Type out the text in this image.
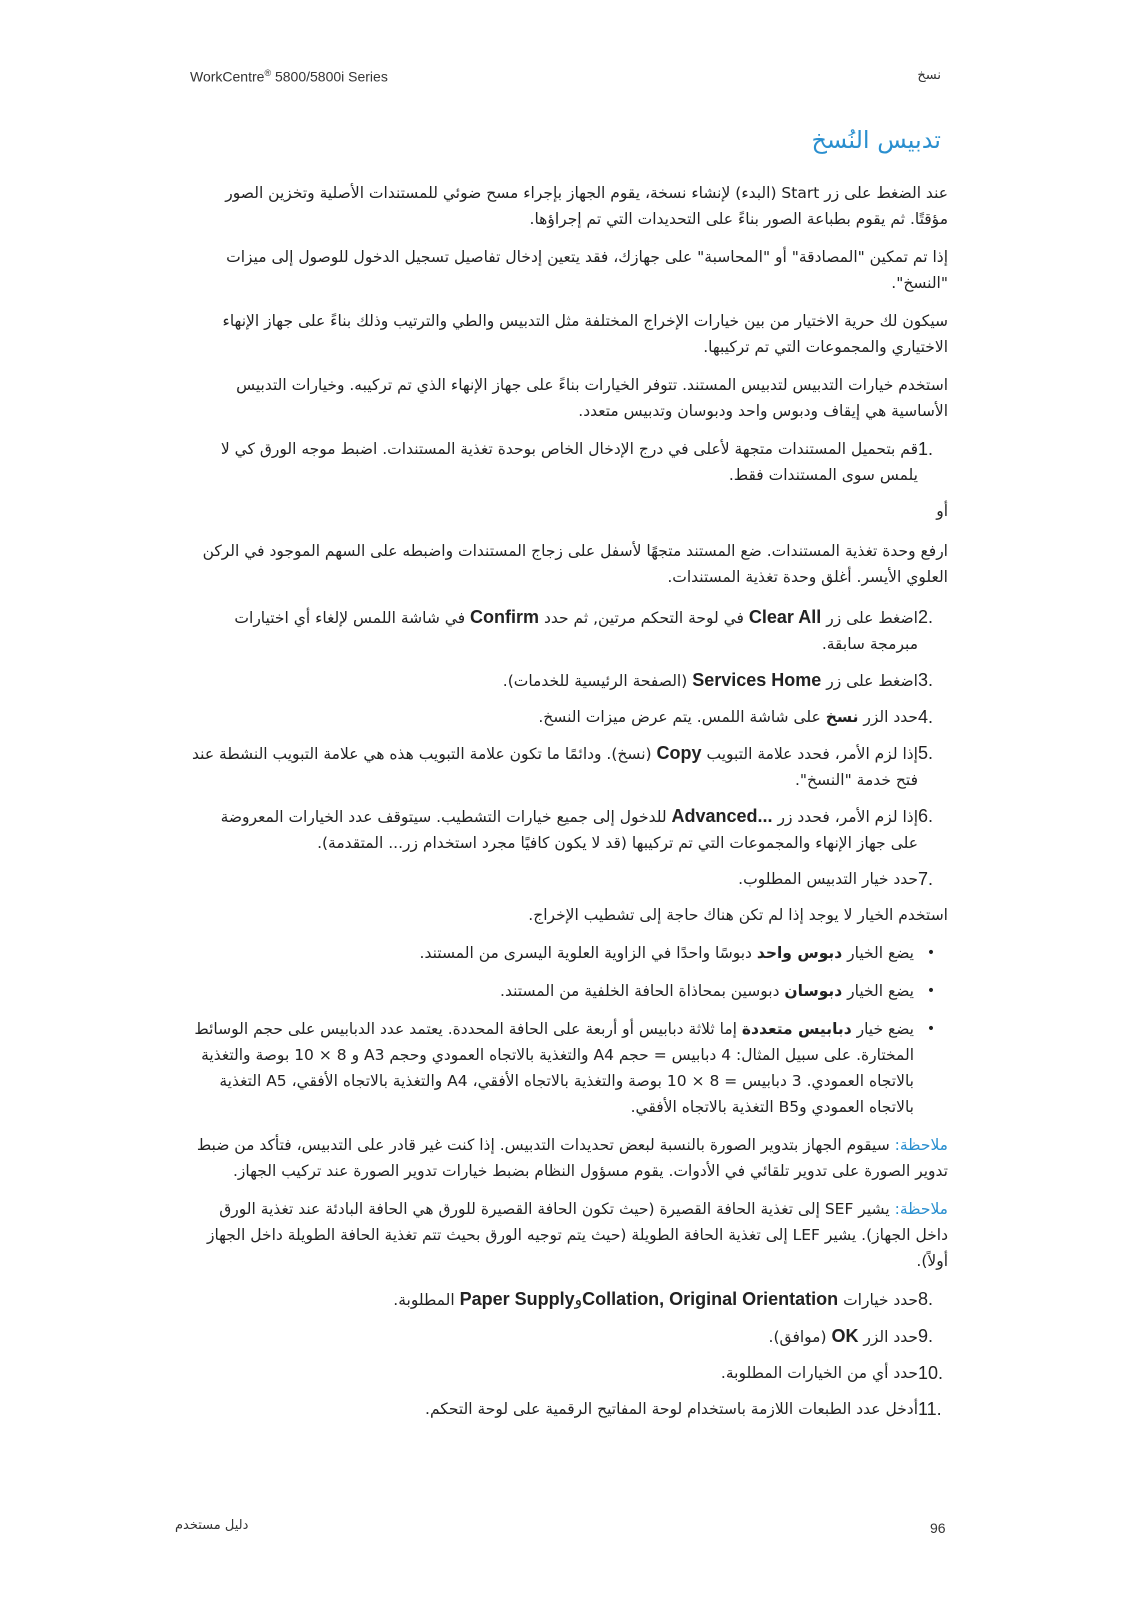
WorkCentre® 5800/5800i Series	نسخ
تدبيس النُسخ

عند الضغط على زر Start (البدء) لإنشاء نسخة، يقوم الجهاز بإجراء مسح ضوئي للمستندات الأصلية وتخزين الصور مؤقتًا. ثم يقوم بطباعة الصور بناءً على التحديدات التي تم إجراؤها.

إذا تم تمكين "المصادقة" أو "المحاسبة" على جهازك، فقد يتعين إدخال تفاصيل تسجيل الدخول للوصول إلى ميزات "النسخ".

سيكون لك حرية الاختيار من بين خيارات الإخراج المختلفة مثل التدبيس والطي والترتيب وذلك بناءً على جهاز الإنهاء الاختياري والمجموعات التي تم تركيبها.

استخدم خيارات التدبيس لتدبيس المستند. تتوفر الخيارات بناءً على جهاز الإنهاء الذي تم تركيبه. وخيارات التدبيس الأساسية هي إيقاف ودبوس واحد ودبوسان وتدبيس متعدد.

1.
قم بتحميل المستندات متجهة لأعلى في درج الإدخال الخاص بوحدة تغذية المستندات. اضبط موجه الورق كي لا يلمس سوى المستندات فقط.
أو
ارفع وحدة تغذية المستندات. ضع المستند متجهًا لأسفل على زجاج المستندات واضبطه على السهم الموجود في الركن العلوي الأيسر. أغلق وحدة تغذية المستندات.
2.
اضغط على زر Clear All في لوحة التحكم مرتين, ثم حدد Confirm في شاشة اللمس لإلغاء أي اختيارات مبرمجة سابقة.
3.
اضغط على زر Services Home (الصفحة الرئيسية للخدمات).
4.
حدد الزر نسخ على شاشة اللمس. يتم عرض ميزات النسخ.
5.
إذا لزم الأمر، فحدد علامة التبويب Copy (نسخ). ودائمًا ما تكون علامة التبويب هذه هي علامة التبويب النشطة عند فتح خدمة "النسخ".
6.
إذا لزم الأمر، فحدد زر ...Advanced للدخول إلى جميع خيارات التشطيب. سيتوقف عدد الخيارات المعروضة على جهاز الإنهاء والمجموعات التي تم تركيبها (قد لا يكون كافيًا مجرد استخدام زر... المتقدمة).
7.
حدد خيار التدبيس المطلوب.

استخدم الخيار لا يوجد إذا لم تكن هناك حاجة إلى تشطيب الإخراج.

•
يضع الخيار دبوس واحد دبوسًا واحدًا في الزاوية العلوية اليسرى من المستند.
•
يضع الخيار دبوسان دبوسين بمحاذاة الحافة الخلفية من المستند.
•
يضع خيار دبابيس متعددة إما ثلاثة دبابيس أو أربعة على الحافة المحددة. يعتمد عدد الدبابيس على حجم الوسائط المختارة. على سبيل المثال: 4 دبابيس = حجم A4 والتغذية بالاتجاه العمودي وحجم A3 و 8 × 10 بوصة والتغذية بالاتجاه العمودي. 3 دبابيس = 8 × 10 بوصة والتغذية بالاتجاه الأفقي، A4 والتغذية بالاتجاه الأفقي، A5 التغذية بالاتجاه العمودي وB5 التغذية بالاتجاه الأفقي.

ملاحظة: سيقوم الجهاز بتدوير الصورة بالنسبة لبعض تحديدات التدبيس. إذا كنت غير قادر على التدبيس، فتأكد من ضبط تدوير الصورة على تدوير تلقائي في الأدوات. يقوم مسؤول النظام بضبط خيارات تدوير الصورة عند تركيب الجهاز.

ملاحظة: يشير SEF إلى تغذية الحافة القصيرة (حيث تكون الحافة القصيرة للورق هي الحافة البادئة عند تغذية الورق داخل الجهاز). يشير LEF إلى تغذية الحافة الطويلة (حيث يتم توجيه الورق بحيث تتم تغذية الحافة الطويلة داخل الجهاز أولاً).

8.
حدد خيارات Collation, Original OrientationوPaper Supply المطلوبة.
9.
حدد الزر OK (موافق).
10.
حدد أي من الخيارات المطلوبة.
11.
أدخل عدد الطبعات اللازمة باستخدام لوحة المفاتيح الرقمية على لوحة التحكم.
دليل مستخدم	96
